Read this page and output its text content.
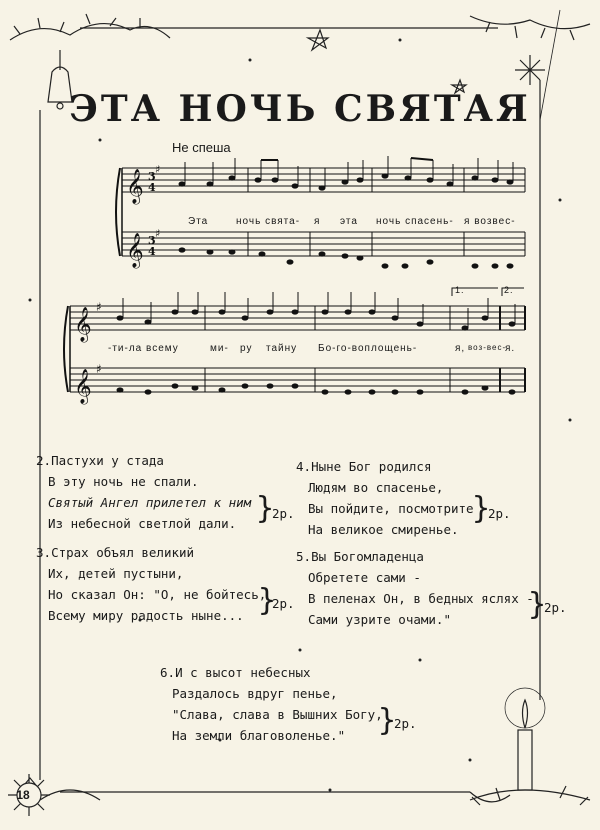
ЭТА НОЧЬ СВЯТАЯ
Не спеша
𝄞
𝄞
𝄞
𝄞
3
4
3
4
♯
♯
♯
♯
Эта	ночь свята- я эта ночь спасень- я возвес-
-ти-ла всему	ми- ру тайну Бо-го-воплощень-	я, воз-вес-
я.
1.	2.
2.Пастухи у стада
В эту ночь не спали.
Святый Ангел прилетел к ним
Из небесной светлой дали. }
2р.
4.Ныне Бог родился
Людям во спасенье,
Вы пойдите, посмотрите
На великое смиренье.
}
2р.
3.Страх объял великий
Их, детей пустыни,
Но сказал Он: "О, не бойтесь,
Всему миру радость ныне... }
2р.
5.Вы Богомладенца
Обретете сами -
В пеленах Он, в бедных яслях -
Сами узрите очами."	}
2р.
6.И с высот небесных
Раздалось вдруг пенье,
"Слава, слава в Вышних Богу,
На земли благоволенье."	}
2р.
18
